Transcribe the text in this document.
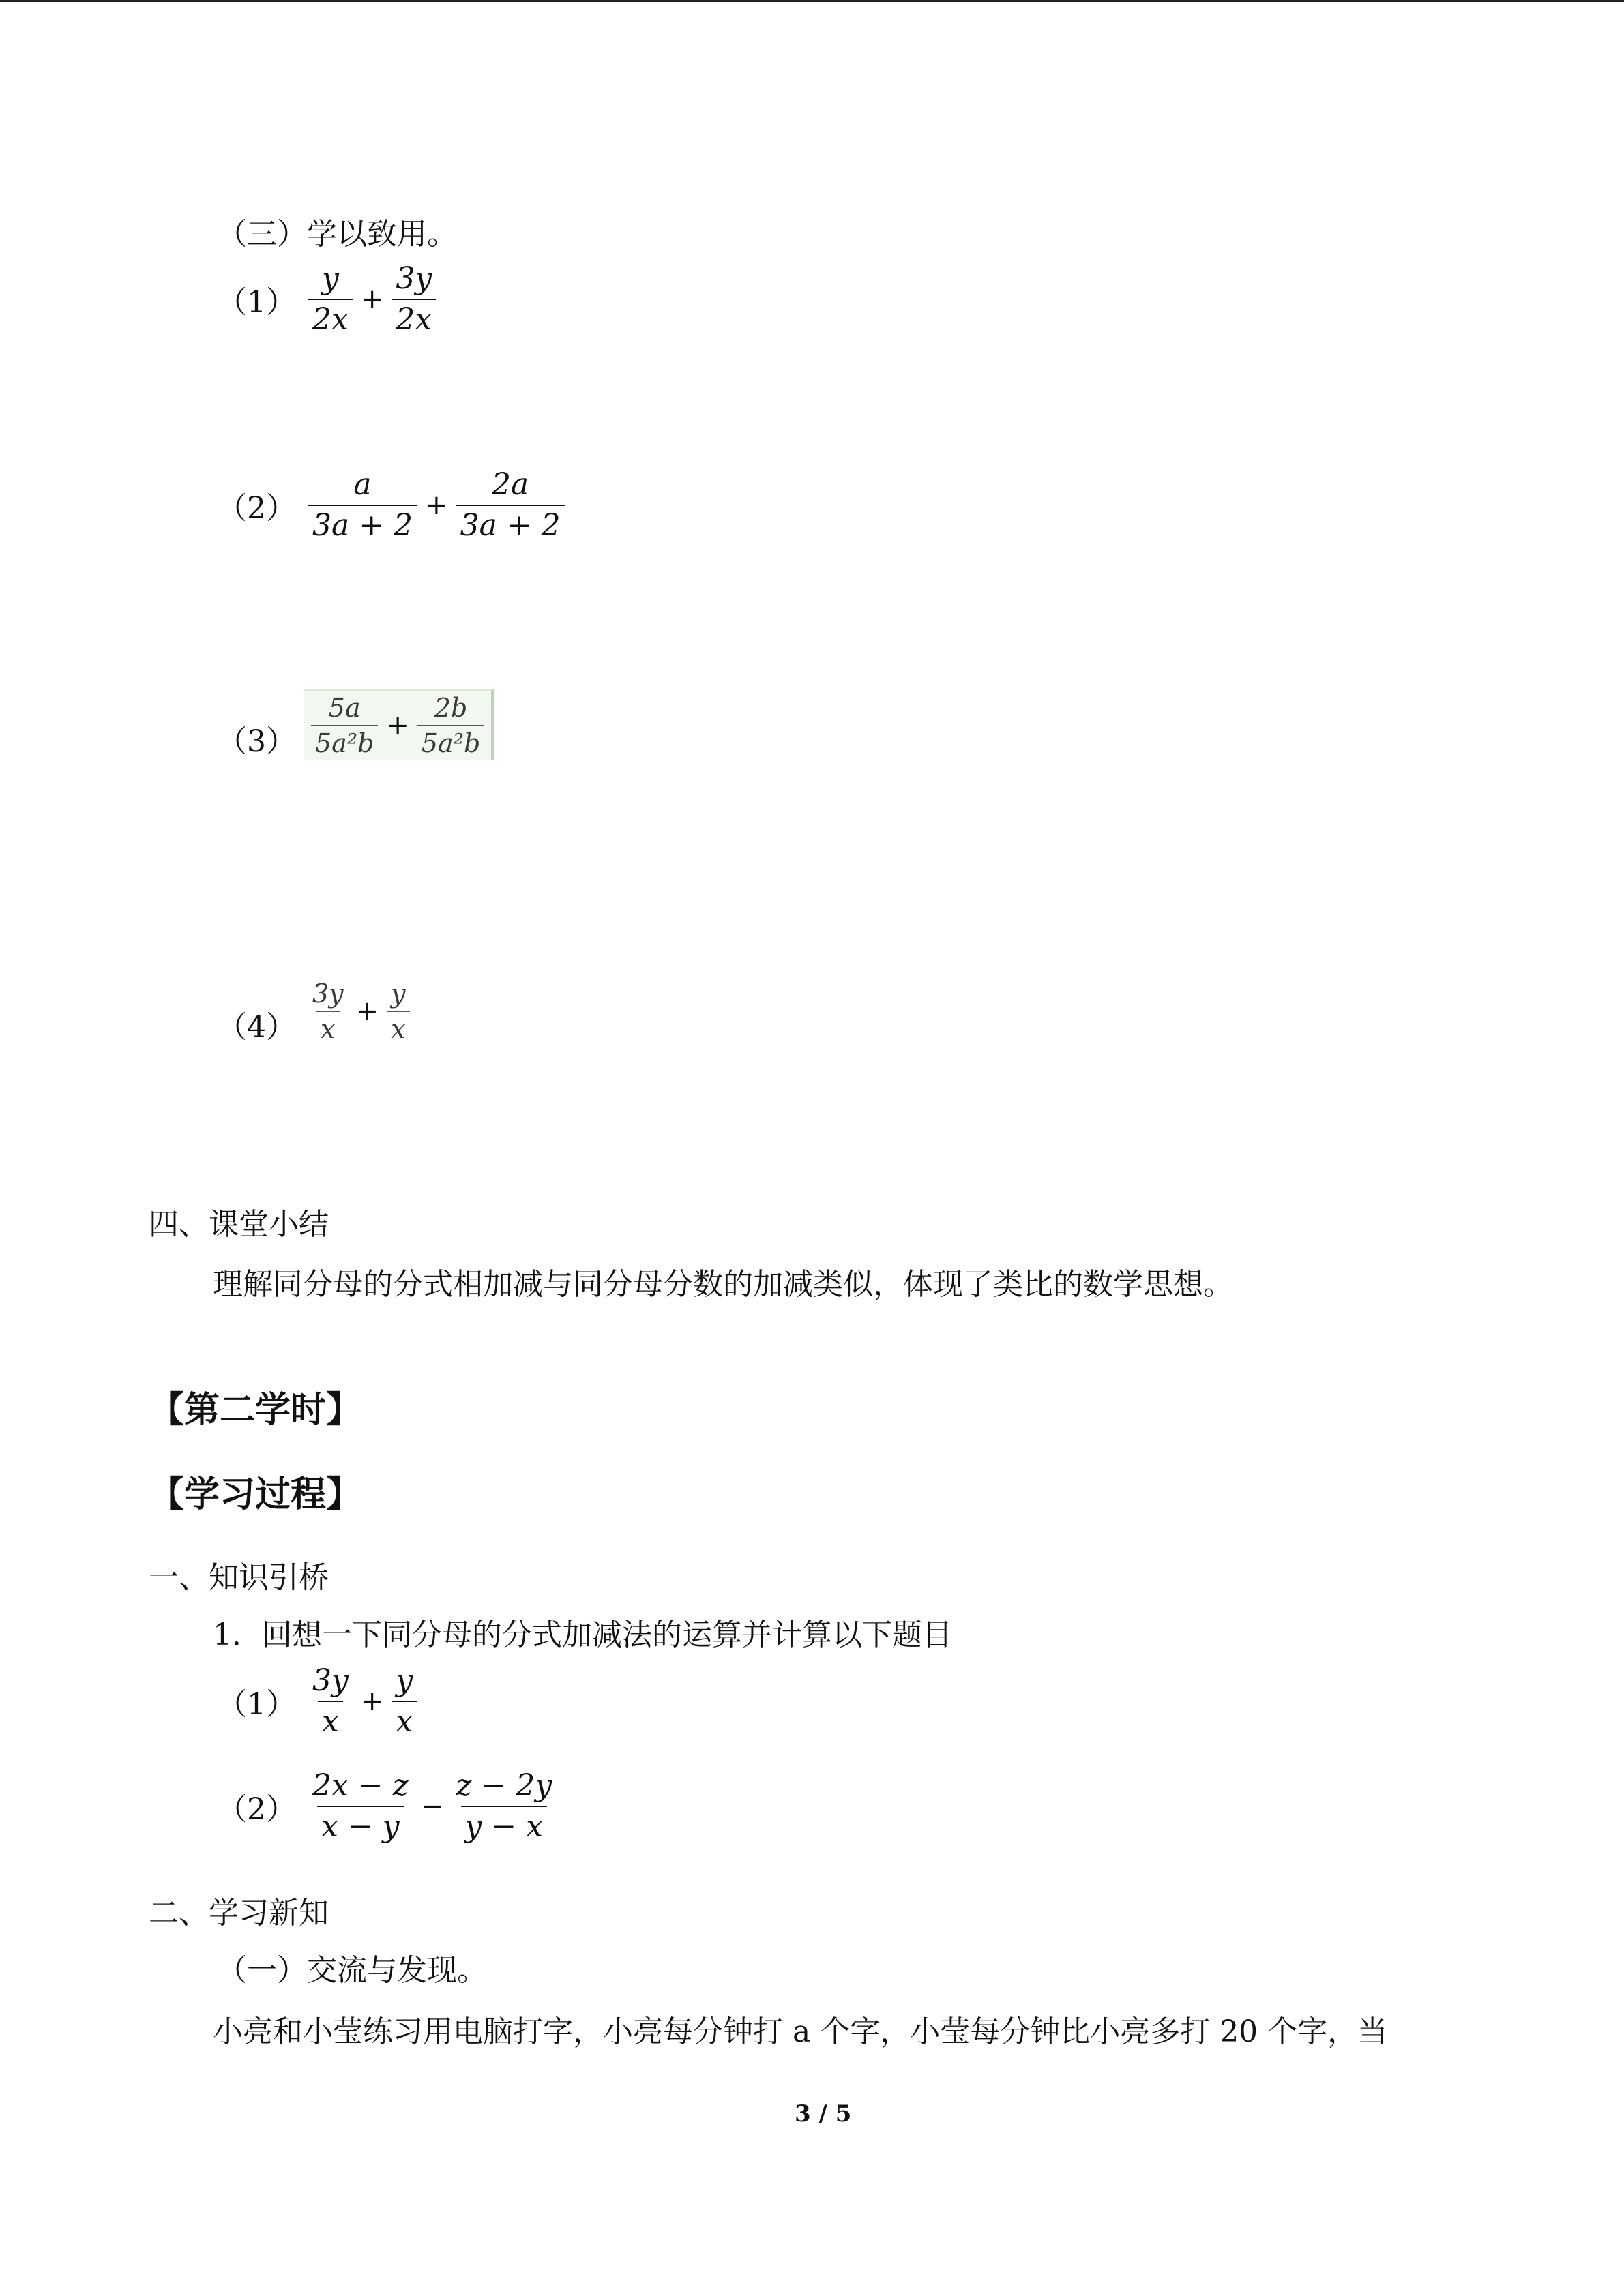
（三）学以致用。
$(1) \frac{y}{2x} + \frac{3y}{2x}$
$(2) \frac{a}{3a + 2} + \frac{2a}{3a + 2}$
$(3) \frac{5a}{\text{5a²b}} + \frac{2b}{\text{5a²b}}$
$(4) \frac{3y}{x} + \frac{y}{x}$
四、课堂小结
理解同分母的分式相加减与同分母分数的加减类似，体现了类比的数学思想。
【第二学时】
【学习过程】
一、知识引桥
1．回想一下同分母的分式加减法的运算并计算以下题目
$(1) \frac{3y}{x} + \frac{y}{x}$
$(2) \frac{2x - z}{x - y} - \frac{z - 2y}{y - x}$
二、学习新知
（一）交流与发现。
小亮和小莹练习用电脑打字，小亮每分钟打 a 个字，小莹每分钟比小亮多打 20 个字，当
3 / 5
